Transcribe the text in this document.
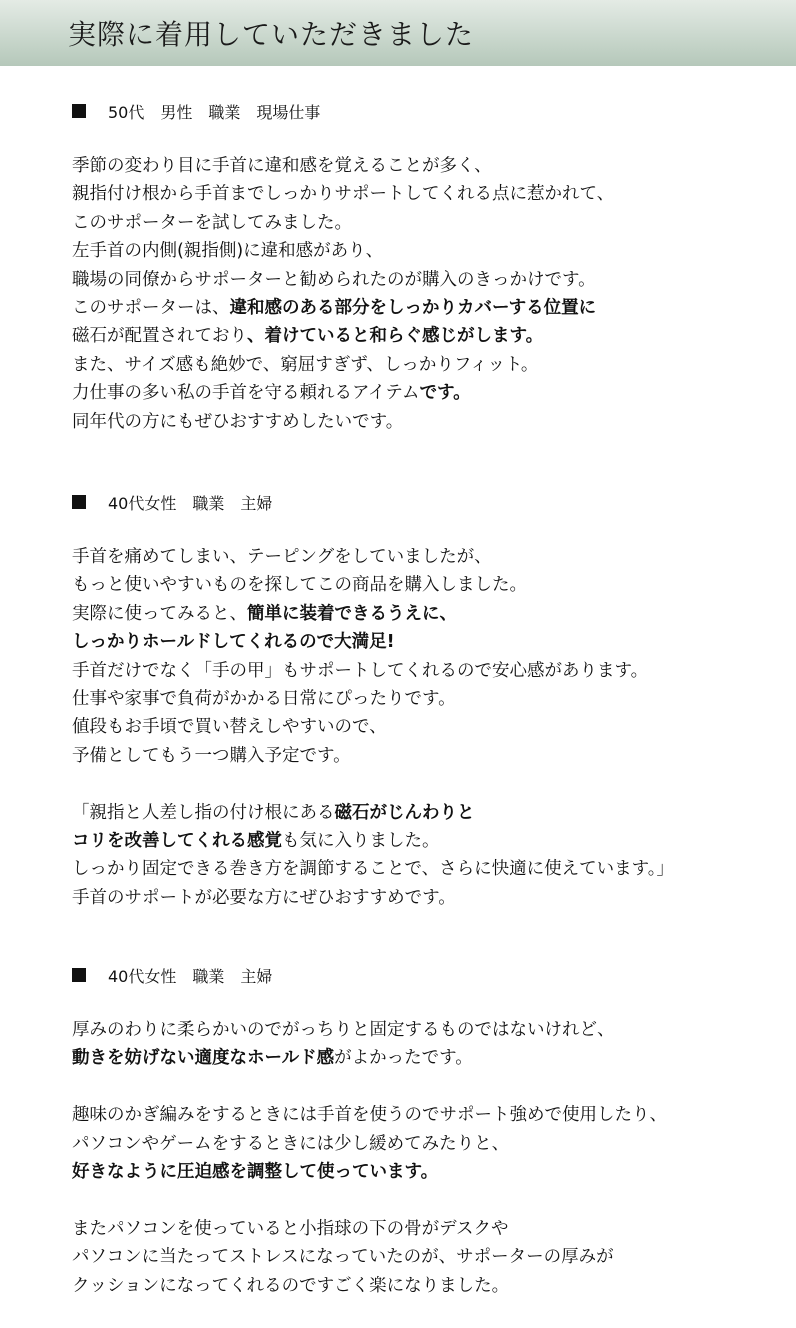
実際に着用していただきました
50代　男性　職業　現場仕事

季節の変わり目に手首に違和感を覚えることが多く、

親指付け根から手首までしっかりサポートしてくれる点に惹かれて、

このサポーターを試してみました。

左手首の内側(親指側)に違和感があり、

職場の同僚からサポーターと勧められたのが購入のきっかけです。

このサポーターは、違和感のある部分をしっかりカバーする位置に

磁石が配置されており、着けていると和らぐ感じがします。

また、サイズ感も絶妙で、窮屈すぎず、しっかりフィット。

力仕事の多い私の手首を守る頼れるアイテムです。

同年代の方にもぜひおすすめしたいです。

40代女性　職業　主婦

手首を痛めてしまい、テーピングをしていましたが、

もっと使いやすいものを探してこの商品を購入しました。

実際に使ってみると、簡単に装着できるうえに、

しっかりホールドしてくれるので大満足!

手首だけでなく「手の甲」もサポートしてくれるので安心感があります。

仕事や家事で負荷がかかる日常にぴったりです。

値段もお手頃で買い替えしやすいので、

予備としてもう一つ購入予定です。

「親指と人差し指の付け根にある磁石がじんわりと

コリを改善してくれる感覚も気に入りました。

しっかり固定できる巻き方を調節することで、さらに快適に使えています。」

手首のサポートが必要な方にぜひおすすめです。

40代女性　職業　主婦

厚みのわりに柔らかいのでがっちりと固定するものではないけれど、

動きを妨げない適度なホールド感がよかったです。

趣味のかぎ編みをするときには手首を使うのでサポート強めで使用したり、

パソコンやゲームをするときには少し緩めてみたりと、

好きなように圧迫感を調整して使っています。

またパソコンを使っていると小指球の下の骨がデスクや

パソコンに当たってストレスになっていたのが、サポーターの厚みが

クッションになってくれるのですごく楽になりました。
